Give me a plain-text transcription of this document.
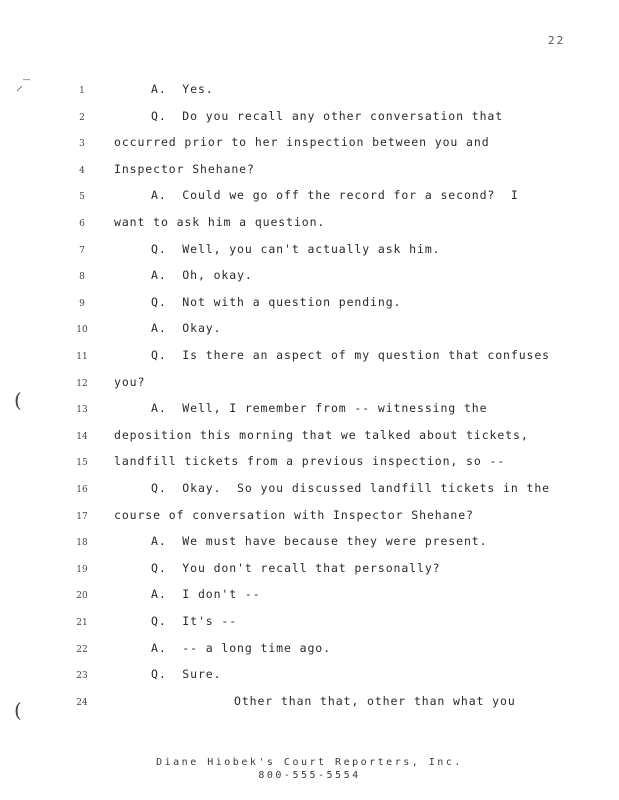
22
⸝‾
(
(
1	A.  Yes.
2	Q.  Do you recall any other conversation that
3	occurred prior to her inspection between you and
4	Inspector Shehane?
5	A.  Could we go off the record for a second?  I
6	want to ask him a question.
7	Q.  Well, you can't actually ask him.
8	A.  Oh, okay.
9	Q.  Not with a question pending.
10	A.  Okay.
11	Q.  Is there an aspect of my question that confuses
12	you?
13	A.  Well, I remember from -- witnessing the
14	deposition this morning that we talked about tickets,
15	landfill tickets from a previous inspection, so --
16	Q.  Okay.  So you discussed landfill tickets in the
17	course of conversation with Inspector Shehane?
18	A.  We must have because they were present.
19	Q.  You don't recall that personally?
20	A.  I don't --
21	Q.  It's --
22	A.  -- a long time ago.
23	Q.  Sure.
24	Other than that, other than what you
Diane Hiobek's Court Reporters, Inc.
800-555-5554
